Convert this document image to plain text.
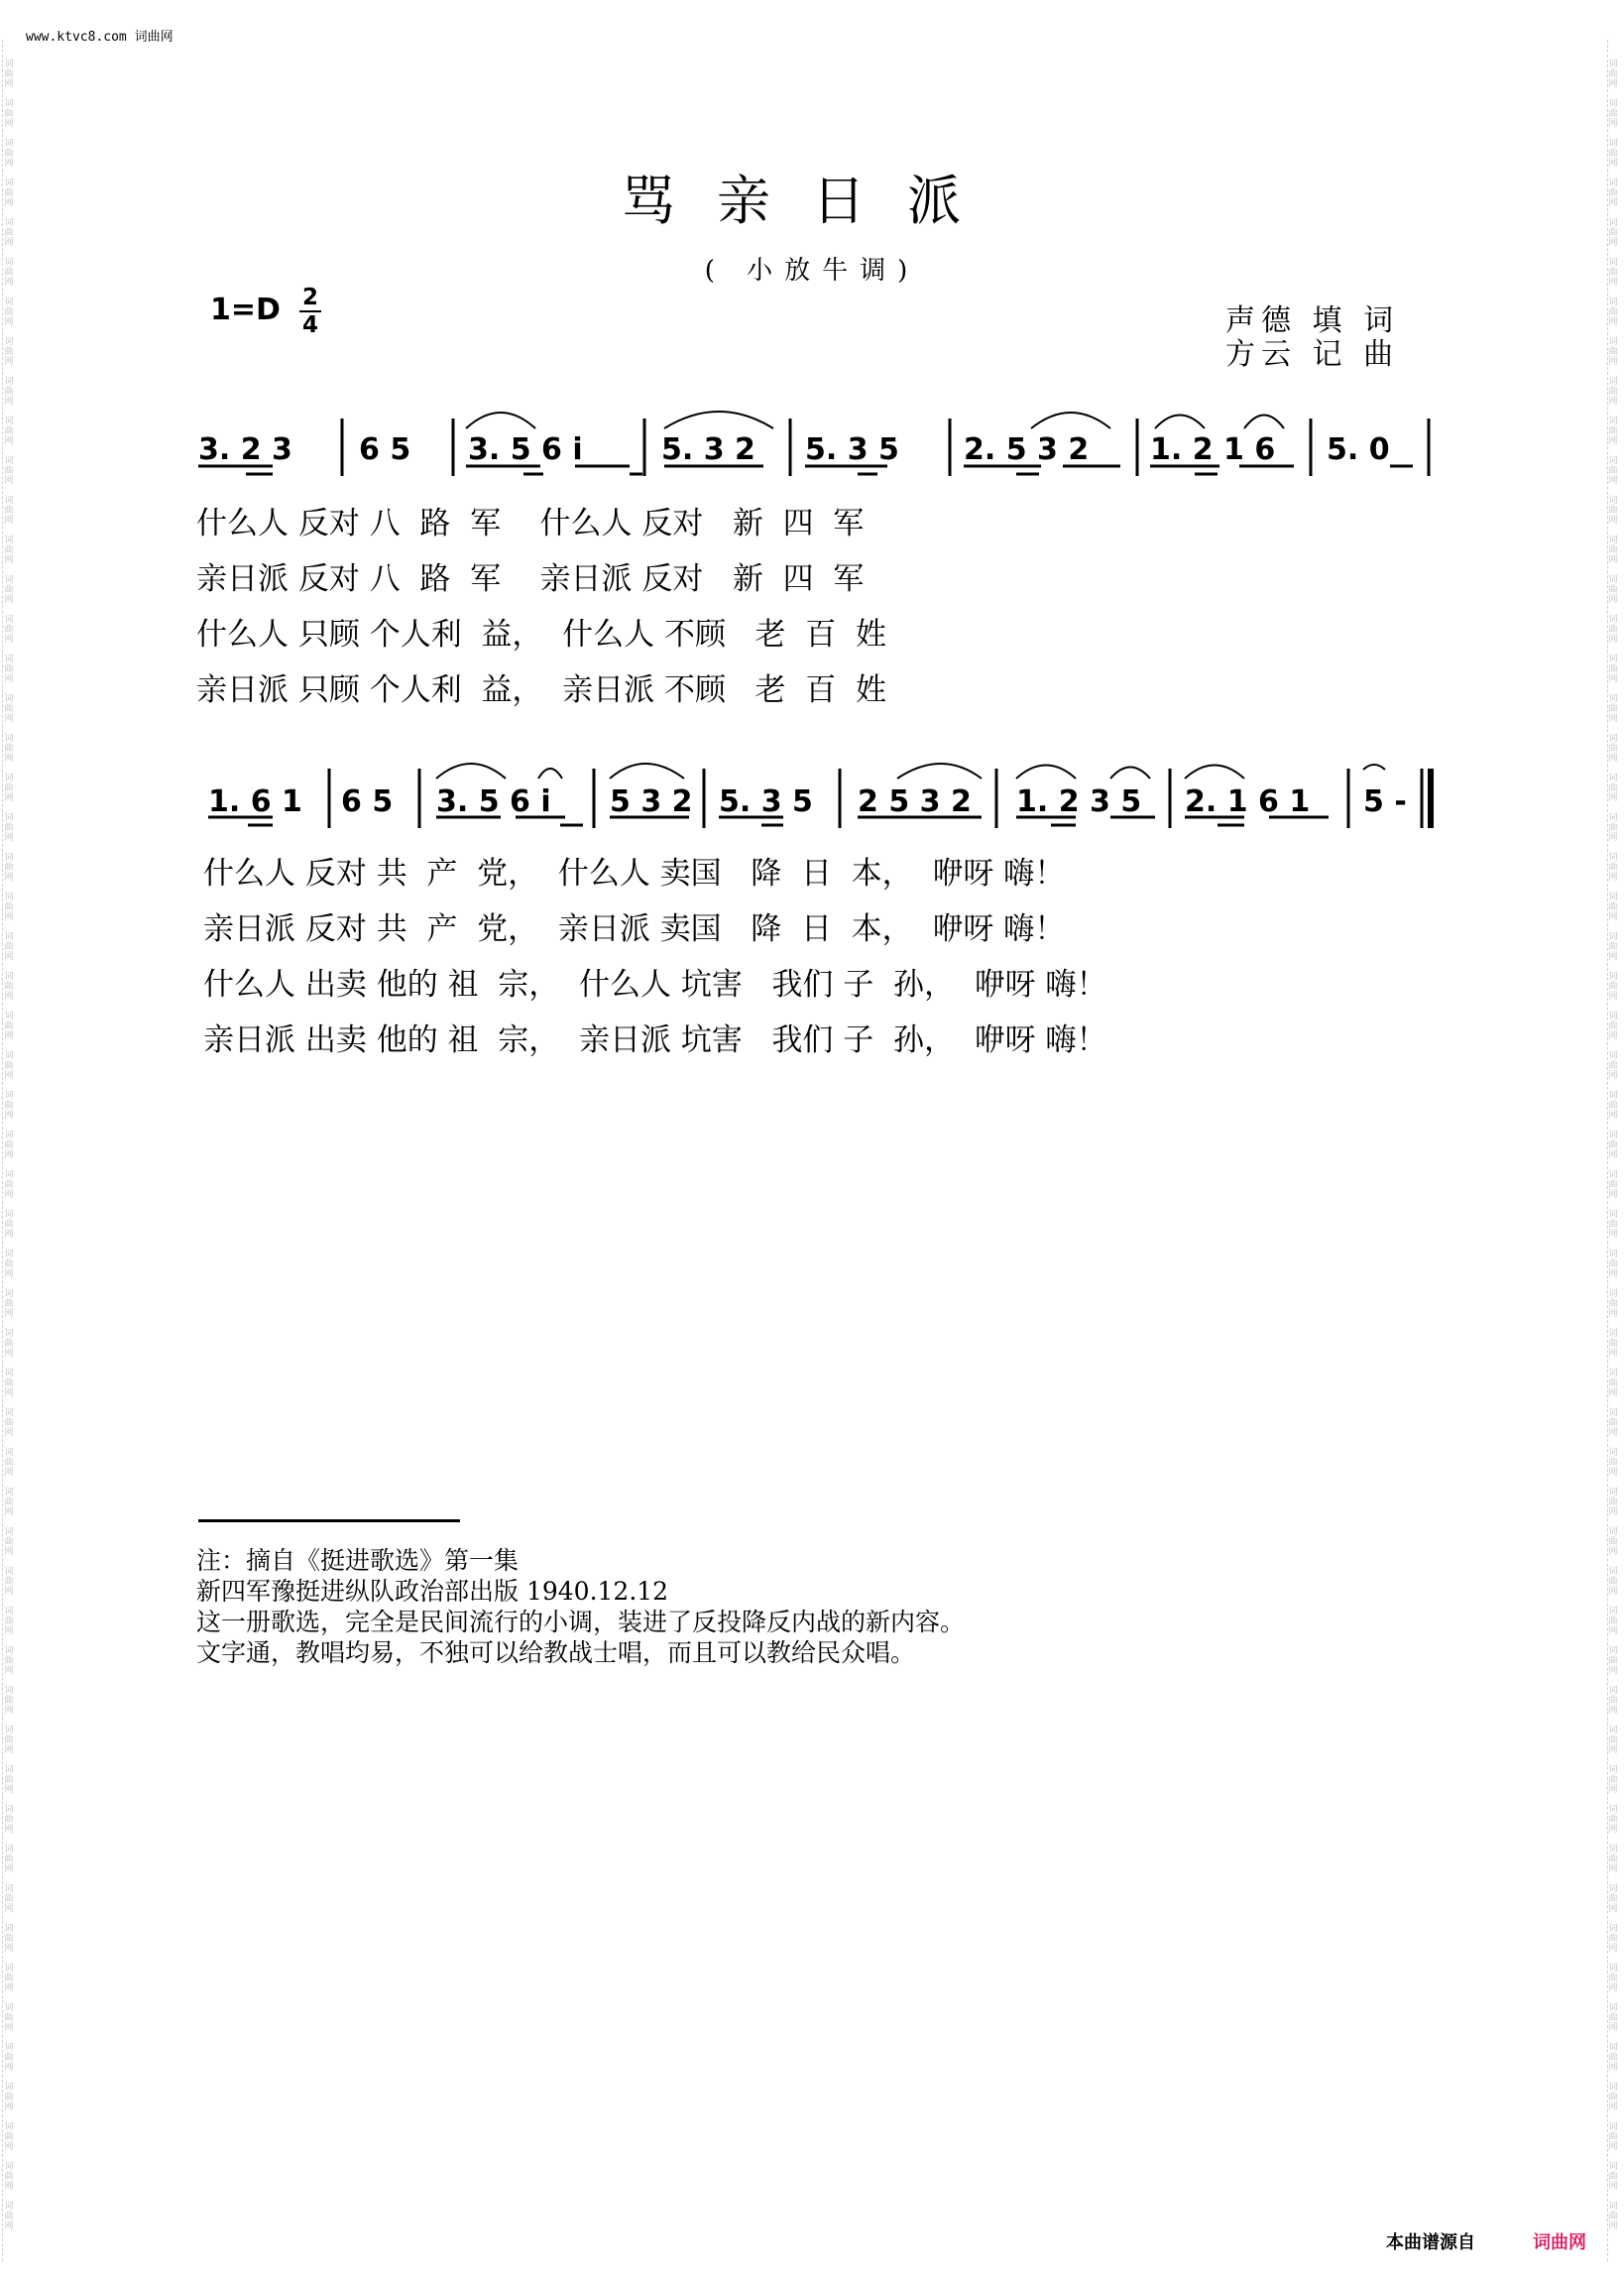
词曲网
词曲网
词曲网
词曲网
词曲网
词曲网
词曲网
词曲网
词曲网
词曲网
词曲网
词曲网
词曲网
词曲网
词曲网
词曲网
词曲网
词曲网
词曲网
词曲网
词曲网
词曲网
词曲网
词曲网
词曲网
词曲网
词曲网
词曲网
词曲网
词曲网
词曲网
词曲网
词曲网
词曲网
词曲网
词曲网
词曲网
词曲网
词曲网
词曲网
词曲网
词曲网
词曲网
词曲网
词曲网
词曲网
词曲网
词曲网
词曲网
词曲网
词曲网
词曲网
词曲网
词曲网
词曲网
词曲网
词曲网
词曲网
词曲网
词曲网
词曲网
词曲网
词曲网
词曲网
词曲网
词曲网
词曲网
词曲网
词曲网
词曲网
词曲网
词曲网
词曲网
词曲网
词曲网
词曲网
词曲网
词曲网
词曲网
词曲网
词曲网
词曲网
词曲网
词曲网
词曲网
词曲网
词曲网
词曲网
词曲网
词曲网
词曲网
词曲网
词曲网
词曲网
词曲网
词曲网
词曲网
词曲网
词曲网
词曲网
词曲网
词曲网
词曲网
词曲网
词曲网
词曲网
词曲网
词曲网
词曲网
词曲网
www.ktvc8.com 词曲网
骂亲日派
( 小放牛调)
1=D 2
4	声德 填 词
方云 记 曲
3. 2 3 6 5 3. 5 6 i	5. 3 2 5. 3 5 2. 5 3 2 1. 2 1 6 5. 0
1. 6 1 6 5 3. 5 6 i 5 3 2 5. 3 5 2 5 3 2 1. 2 3 5 2. 1 6 1 5 -
什么人 反对 八  路  军    什么人 反对   新  四  军
亲日派 反对 八  路  军    亲日派 反对   新  四  军
什么人 只顾 个人利  益，  什么人 不顾   老  百  姓
亲日派 只顾 个人利  益，  亲日派 不顾   老  百  姓
什么人 反对 共  产  党，  什么人 卖国   降  日  本，  咿呀 嗨！
亲日派 反对 共  产  党，  亲日派 卖国   降  日  本，  咿呀 嗨！
什么人 出卖 他的 祖  宗，  什么人 坑害   我们 子  孙，  咿呀 嗨！
亲日派 出卖 他的 祖  宗，  亲日派 坑害   我们 子  孙，  咿呀 嗨！
注：摘自《挺进歌选》第一集
新四军豫挺进纵队政治部出版 1940.12.12
这一册歌选，完全是民间流行的小调，装进了反投降反内战的新内容。
文字通，教唱均易，不独可以给教战士唱，而且可以教给民众唱。
本曲谱源自	词曲网
